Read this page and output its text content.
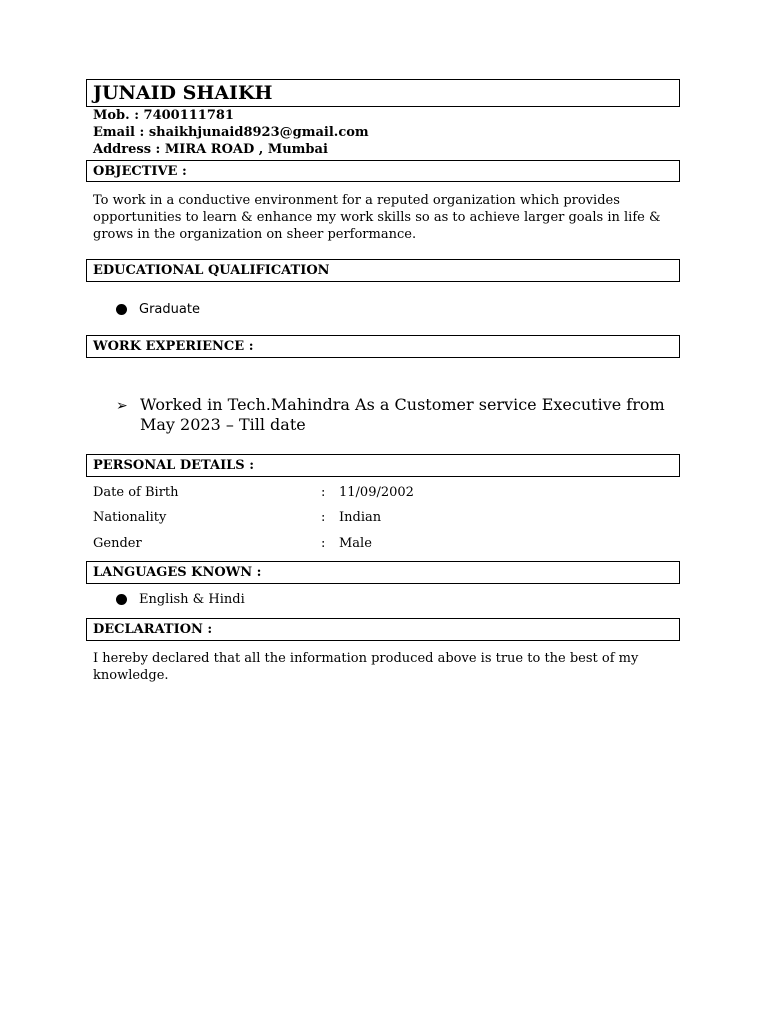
JUNAID SHAIKH
Mob. : 7400111781
Email : shaikhjunaid8923@gmail.com
Address : MIRA ROAD , Mumbai
OBJECTIVE :
To work in a conductive environment for a reputed organization which provides opportunities to learn & enhance my work skills so as to achieve larger goals in life & grows in the organization on sheer performance.
EDUCATIONAL QUALIFICATION
Graduate
WORK EXPERIENCE :
➢ Worked in Tech.Mahindra As a Customer service Executive from May 2023 – Till date
PERSONAL DETAILS :
Date of Birth	: 11/09/2002
Nationality	: Indian
Gender	: Male
LANGUAGES KNOWN :
English & Hindi
DECLARATION :
I hereby declared that all the information produced above is true to the best of my knowledge.
